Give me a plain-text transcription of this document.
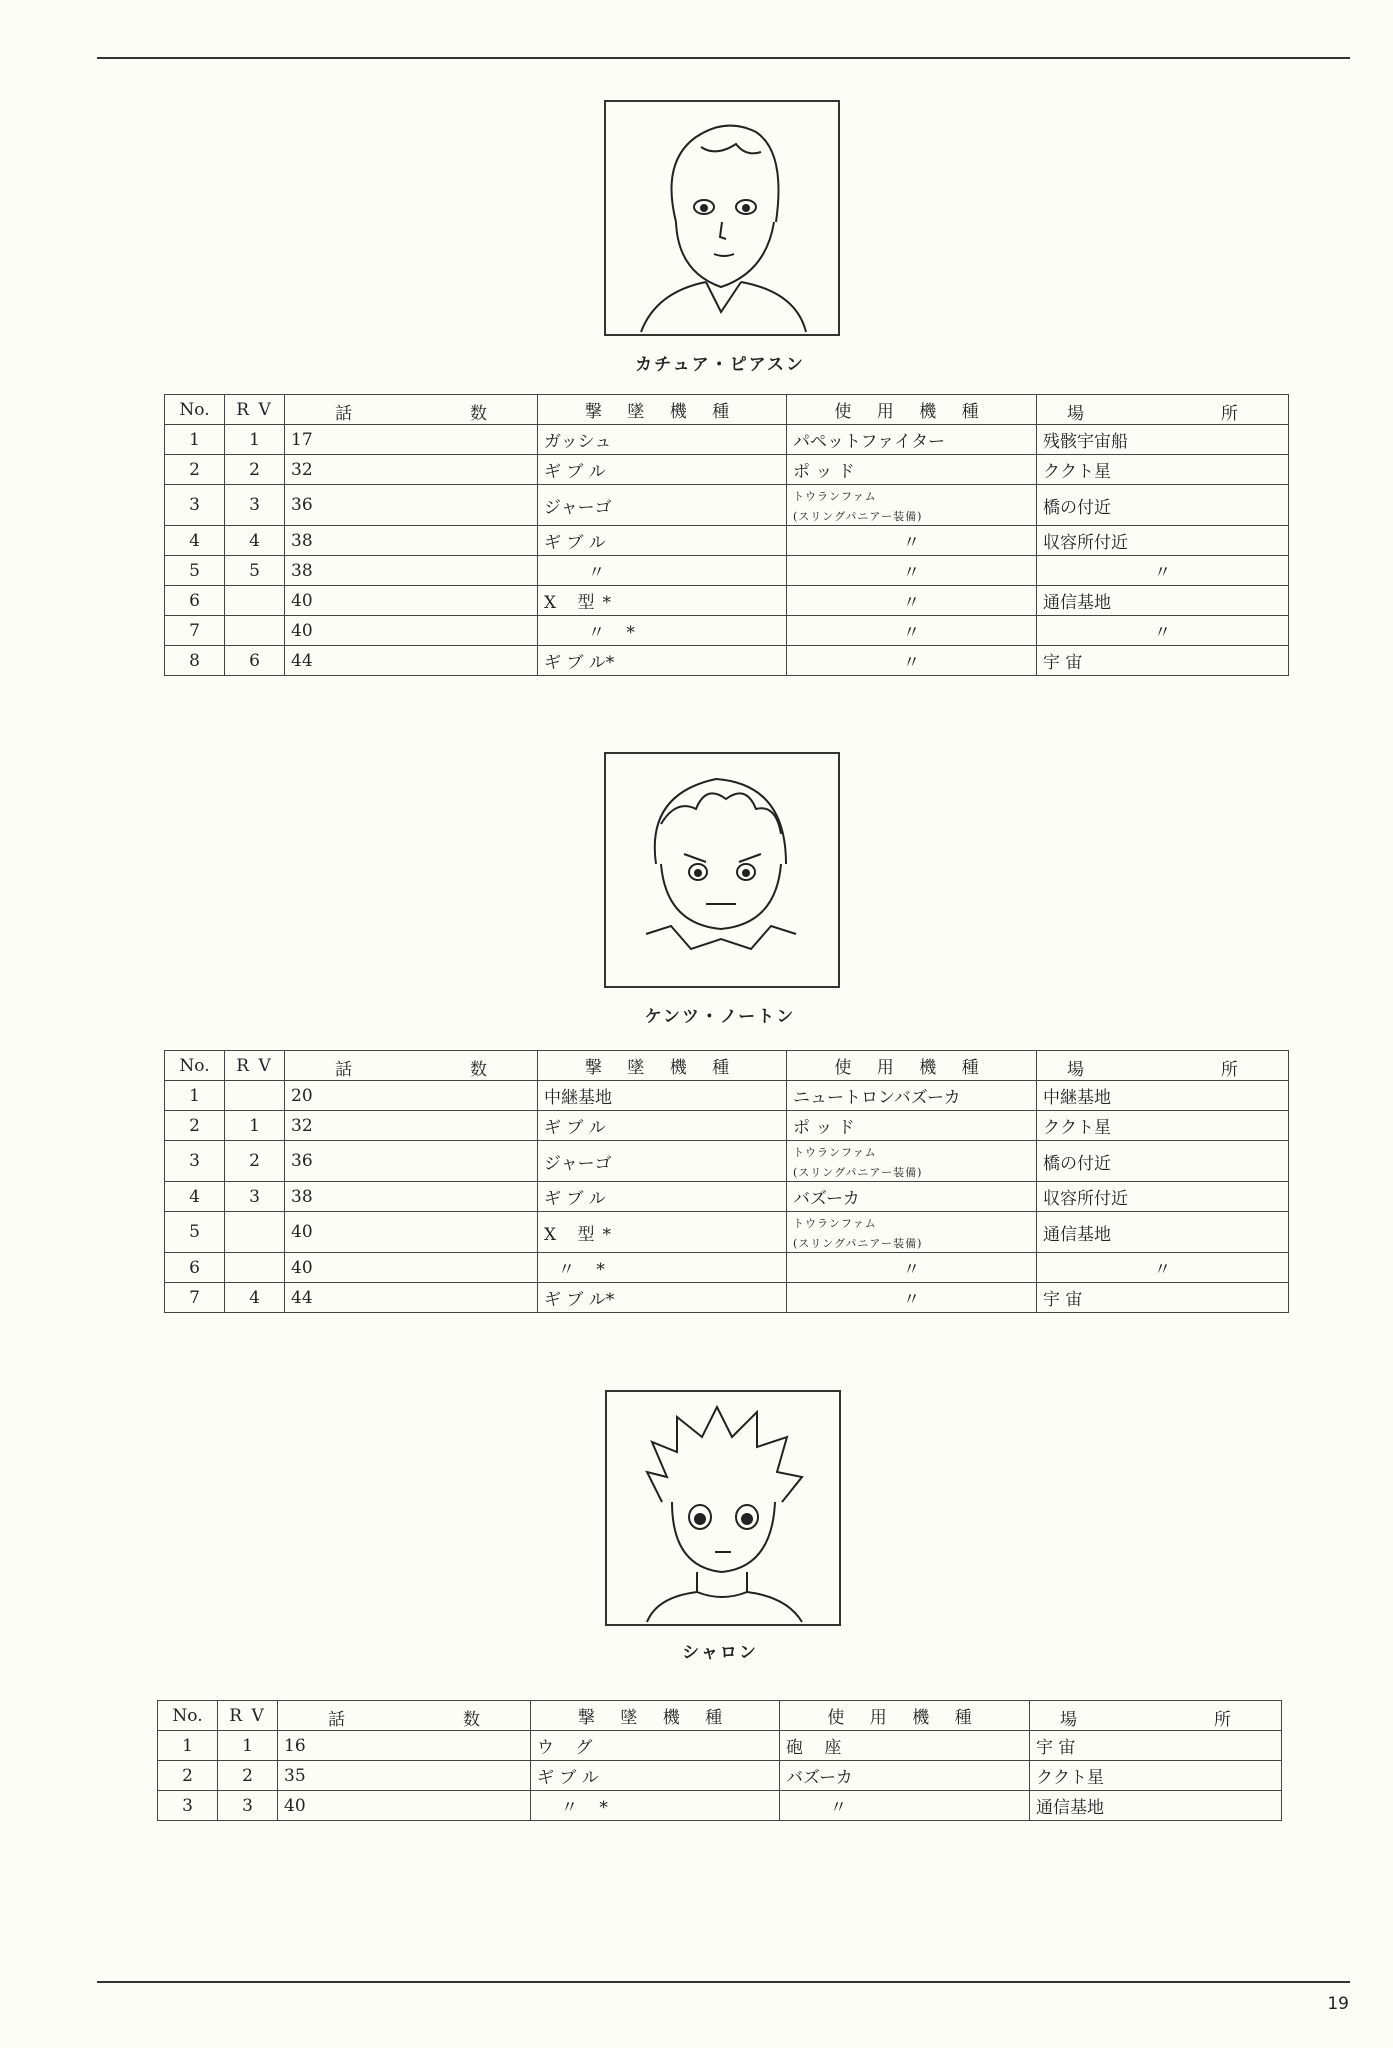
カチュア・ピアスン
No.	R V	話 数	撃 墜 機 種	使 用 機 種	場 所

1	1	17	ガッシュ	パペットファイター	残骸宇宙船
2	2	32	ギ ブ ル	ポ ッ ド	ククト星
3	3	36	ジャーゴ	トウランファム
(スリングパニアー装備)	橋の付近
4	4	38	ギ ブ ル	〃	収容所付近
5	5	38	〃	〃	〃
6		40	X 型*	〃	通信基地
7		40	〃 *	〃	〃
8	6	44	ギ ブ ル*	〃	宇 宙
ケンツ・ノートン
No.	R V	話 数	撃 墜 機 種	使 用 機 種	場 所

1		20	中継基地	ニュートロンバズーカ	中継基地
2	1	32	ギ ブ ル	ポ ッ ド	ククト星
3	2	36	ジャーゴ	トウランファム
(スリングパニアー装備)	橋の付近
4	3	38	ギ ブ ル	バズーカ	収容所付近
5		40	X 型*	トウランファム
(スリングパニアー装備)	通信基地
6		40	〃 *	〃	〃
7	4	44	ギ ブ ル*	〃	宇 宙
シャロン
No.	R V	話 数	撃 墜 機 種	使 用 機 種	場 所

1	1	16	ウ グ	砲 座	宇 宙
2	2	35	ギ ブ ル	バズーカ	ククト星
3	3	40	〃 *	〃	通信基地
19
